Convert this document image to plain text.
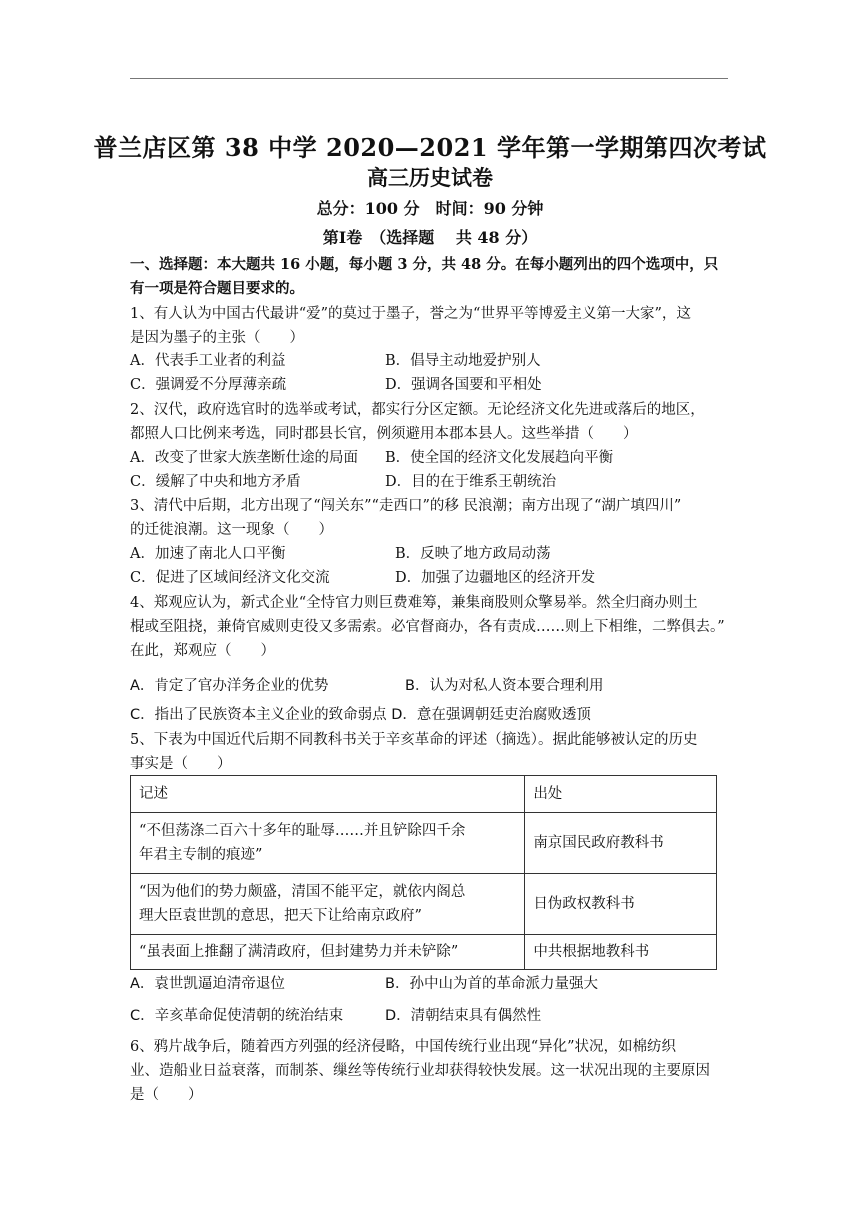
普兰店区第 38 中学 2020—2021 学年第一学期第四次考试
高三历史试卷
总分：100 分　时间：90 分钟
第Ⅰ卷　（选择题　 共 48 分）
一、选择题：本大题共 16 小题，每小题 3 分，共 48 分。在每小题列出的四个选项中，只
有一项是符合题目要求的。
1、有人认为中国古代最讲“爱”的莫过于墨子，誉之为“世界平等博爱主义第一大家”，这
是因为墨子的主张（　　）
A．代表手工业者的利益	B．倡导主动地爱护别人
C．强调爱不分厚薄亲疏	D．强调各国要和平相处
2、汉代，政府选官时的选举或考试，都实行分区定额。无论经济文化先进或落后的地区，
都照人口比例来考选，同时郡县长官，例须避用本郡本县人。这些举措（　　）
A．改变了世家大族垄断仕途的局面 B．使全国的经济文化发展趋向平衡
C．缓解了中央和地方矛盾	D．目的在于维系王朝统治
3、清代中后期，北方出现了“闯关东”“走西口”的移 民浪潮；南方出现了“湖广填四川”
的迁徙浪潮。这一现象（　　）
A．加速了南北人口平衡	B．反映了地方政局动荡
C．促进了区域间经济文化交流	D．加强了边疆地区的经济开发
4、郑观应认为，新式企业“全恃官力则巨费难筹，兼集商股则众擎易举。然全归商办则土
棍或至阻挠，兼倚官威则吏役又多需索。必官督商办，各有责成……则上下相维，二弊俱去。”
在此，郑观应（　　）
A．肯定了官办洋务企业的优势	B．认为对私人资本要合理利用
C．指出了民族资本主义企业的致命弱点 D．意在强调朝廷吏治腐败透顶
5、下表为中国近代后期不同教科书关于辛亥革命的评述（摘选）。据此能够被认定的历史
事实是（　　）
记述	出处

“不但荡涤二百六十多年的耻辱……并且铲除四千余
年君主专制的痕迹”	南京国民政府教科书

“因为他们的势力颇盛，清国不能平定，就依内阁总
理大臣袁世凯的意思，把天下让给南京政府”	日伪政权教科书
“虽表面上推翻了满清政府，但封建势力并未铲除”	中共根据地教科书
A．袁世凯逼迫清帝退位	B．孙中山为首的革命派力量强大
C．辛亥革命促使清朝的统治结束	D．清朝结束具有偶然性
6、鸦片战争后，随着西方列强的经济侵略，中国传统行业出现“异化”状况，如棉纺织
业、造船业日益衰落，而制茶、缫丝等传统行业却获得较快发展。这一状况出现的主要原因
是（　　）
